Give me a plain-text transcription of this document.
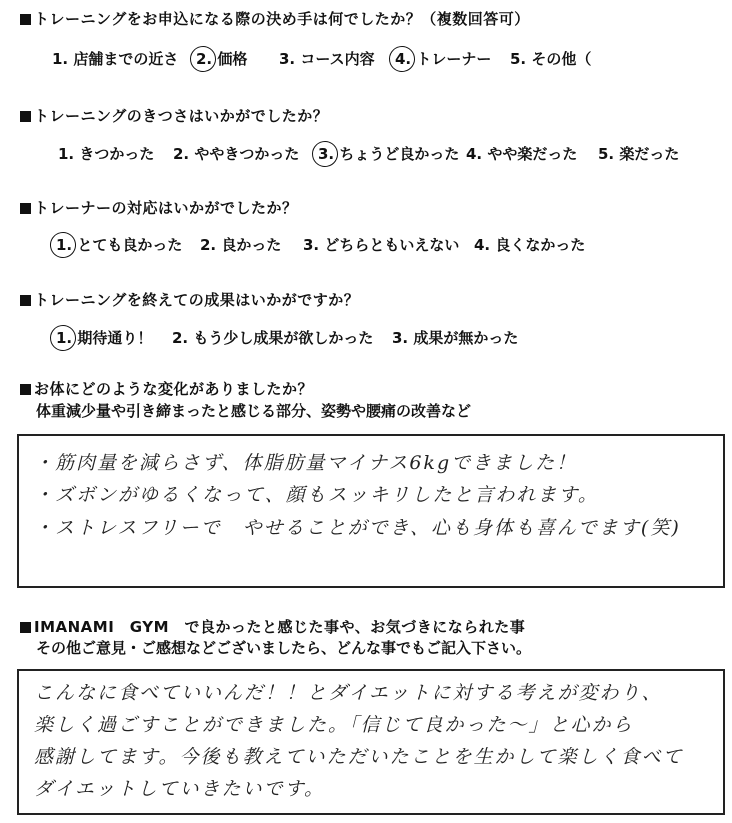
トレーニングをお申込になる際の決め手は何でしたか？（複数回答可）
1. 店舗までの近さ 2. 価格 3. コース内容 4. トレーナー 5. その他（
トレーニングのきつさはいかがでしたか？
1. きつかった 2. ややきつかった 3. ちょうど良かった 4. やや楽だった 5. 楽だった
トレーナーの対応はいかがでしたか？
1. とても良かった 2. 良かった 3. どちらともいえない 4. 良くなかった
トレーニングを終えての成果はいかがですか？
1. 期待通り！ 2. もう少し成果が欲しかった 3. 成果が無かった
お体にどのような変化がありましたか？
体重減少量や引き締まったと感じる部分、姿勢や腰痛の改善など
・筋肉量を減らさず、体脂肪量マイナス6kgできました！
・ズボンがゆるくなって、顔もスッキリしたと言われます。
・ストレスフリーで　やせることができ、心も身体も喜んでます(笑)
IMANAMI　GYM　で良かったと感じた事や、お気づきになられた事
その他ご意見・ご感想などございましたら、どんな事でもご記入下さい。
こんなに食べていいんだ！！とダイエットに対する考えが変わり、
楽しく過ごすことができました。「信じて良かった〜」と心から
感謝してます。今後も教えていただいたことを生かして楽しく食べて
ダイエットしていきたいです。
